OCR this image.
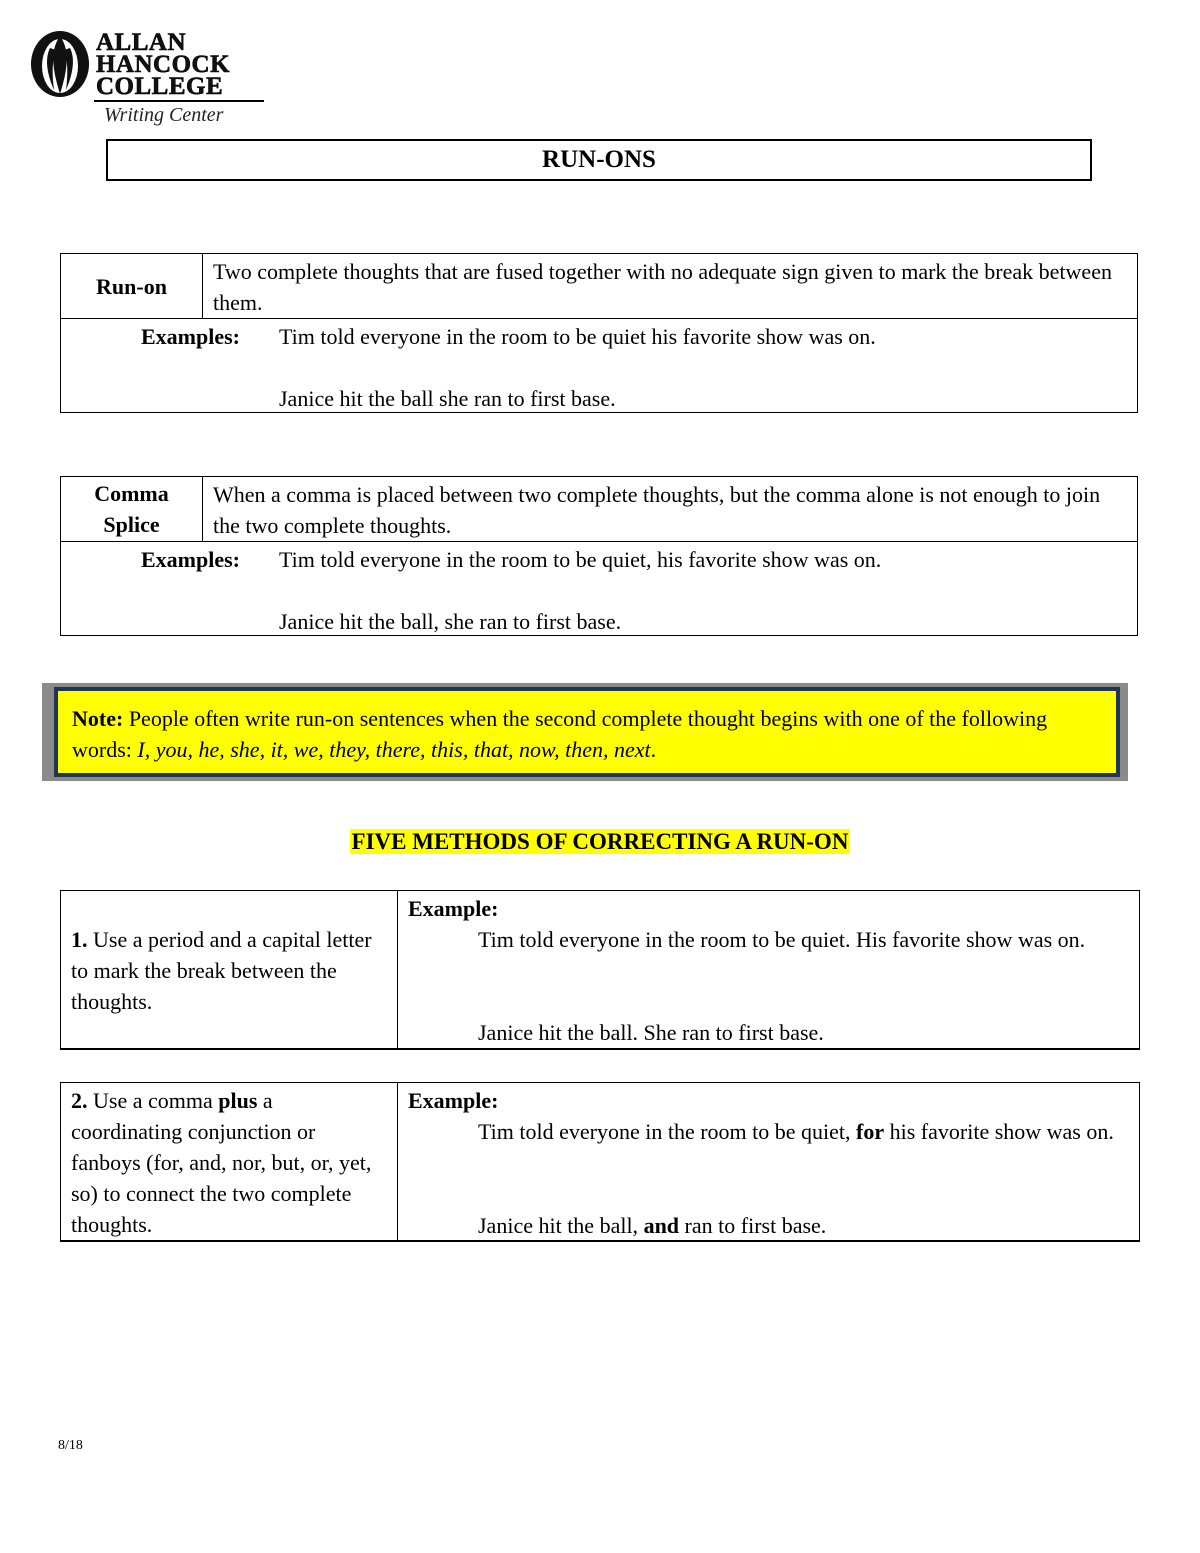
ALLAN
HANCOCK
COLLEGE
Writing Center
RUN-ONS
Run-on
Two complete thoughts that are fused together with no adequate sign given to mark the break between them.
Examples: Tim told everyone in the room to be quiet his favorite show was on.
Janice hit the ball she ran to first base.
Comma
Splice
When a comma is placed between two complete thoughts, but the comma alone is not enough to join the two complete thoughts.
Examples: Tim told everyone in the room to be quiet, his favorite show was on.
Janice hit the ball, she ran to first base.
Note: People often write run-on sentences when the second complete thought begins with one of the following words: I, you, he, she, it, we, they, there, this, that, now, then, next.
FIVE METHODS OF CORRECTING A RUN-ON
1. Use a period and a capital letter to mark the break between the thoughts.
Example:
Tim told everyone in the room to be quiet. His favorite show was on.
Janice hit the ball. She ran to first base.
2. Use a comma plus a coordinating conjunction or fanboys (for, and, nor, but, or, yet, so) to connect the two complete thoughts.
Example:
Tim told everyone in the room to be quiet, for his favorite show was on.
Janice hit the ball, and ran to first base.
8/18
